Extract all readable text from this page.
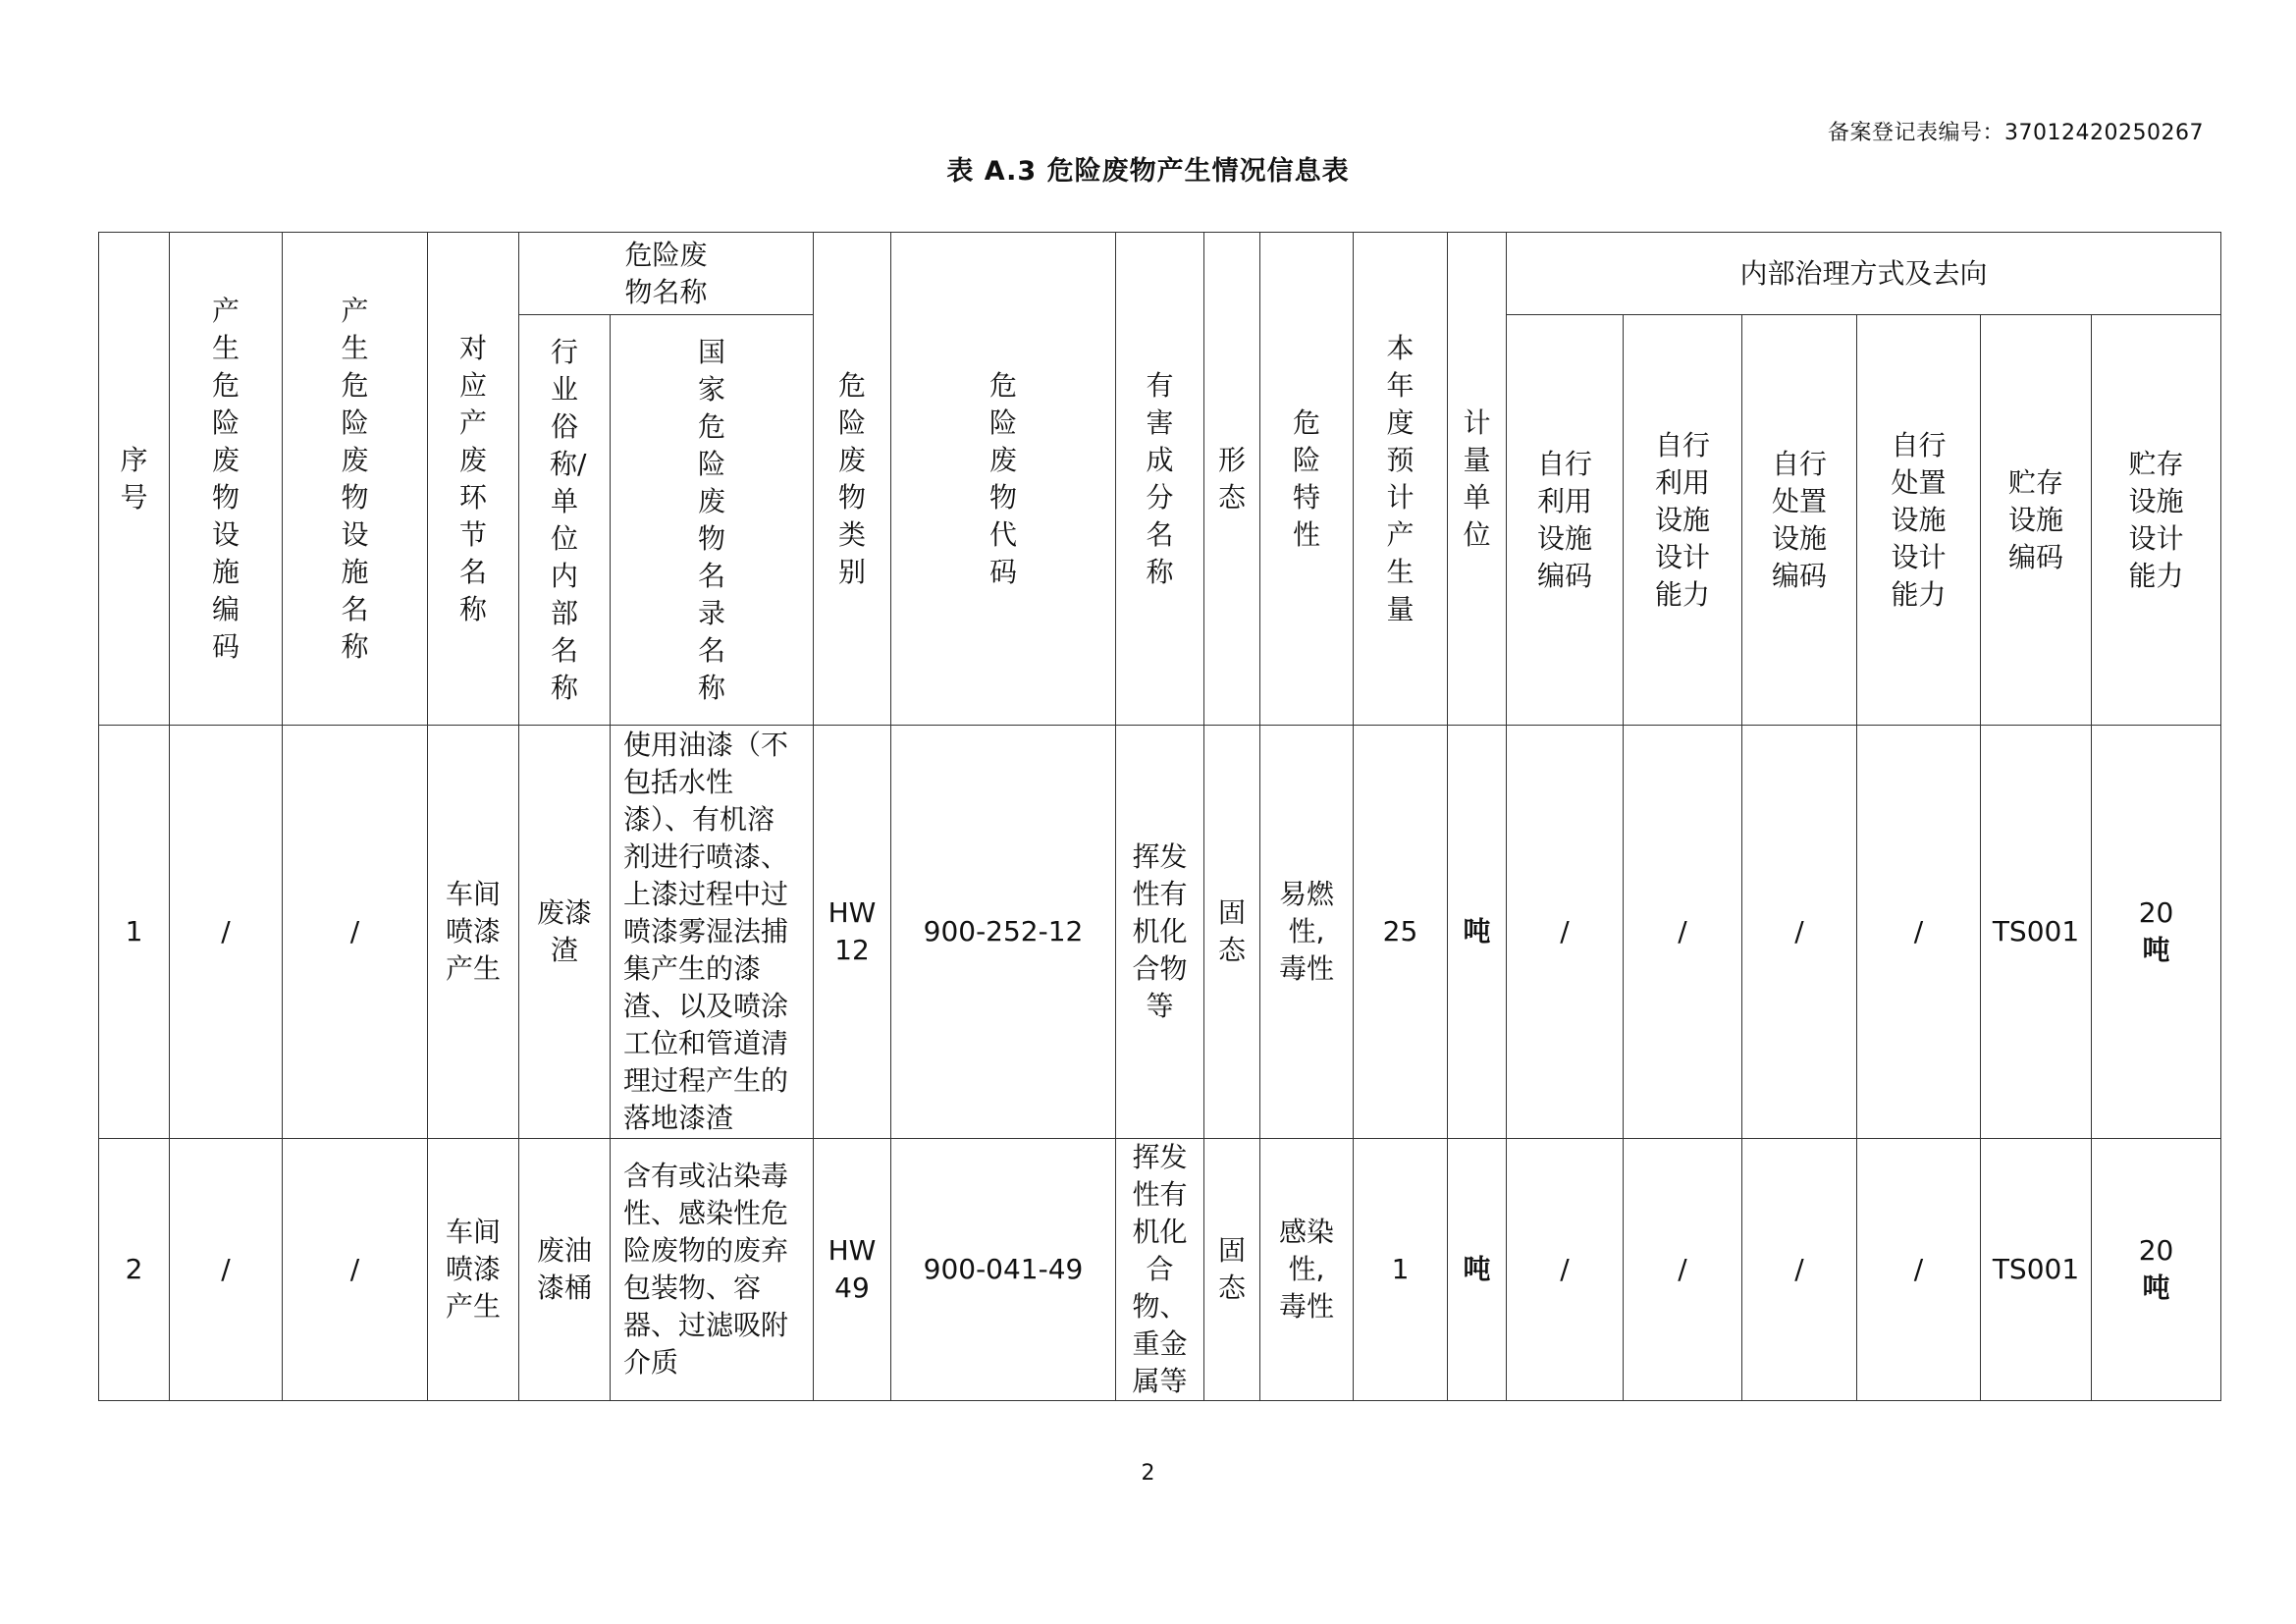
备案登记表编号：37012420250267
表 A.3 危险废物产生情况信息表
序号	产生危险废物设施编码	产生危险废物设施名称	对应产废环节名称	危险废物名称		危险废物类别	危险废物代码	有害成分名称	形态	危险特性	本年度预计产生量	计量单位	内部治理方式及去向					
				行业俗称/单位内部名称	国家危险废物名录名称								自行利用设施编码	自行利用设施设计能力	自行处置设施编码	自行处置设施设计能力	贮存设施编码	贮存设施设计能力
1	/	/	车间喷漆产生	废漆渣	使用油漆（不包括水性漆）、有机溶剂进行喷漆、上漆过程中过喷漆雾湿法捕集产生的漆渣、以及喷涂工位和管道清理过程产生的落地漆渣	HW12	900-252-12	挥发性有机化合物等	固态	易燃性,毒性	25	吨	/	/	/	/	TS001	20
吨

2	/	/	车间喷漆产生	废油漆桶	含有或沾染毒性、感染性危险废物的废弃包装物、容器、过滤吸附介质	HW49	900-041-49	挥发性有机化合物、重金属等	固态	感染性,毒性	1	吨	/	/	/	/	TS001	20
吨
2
